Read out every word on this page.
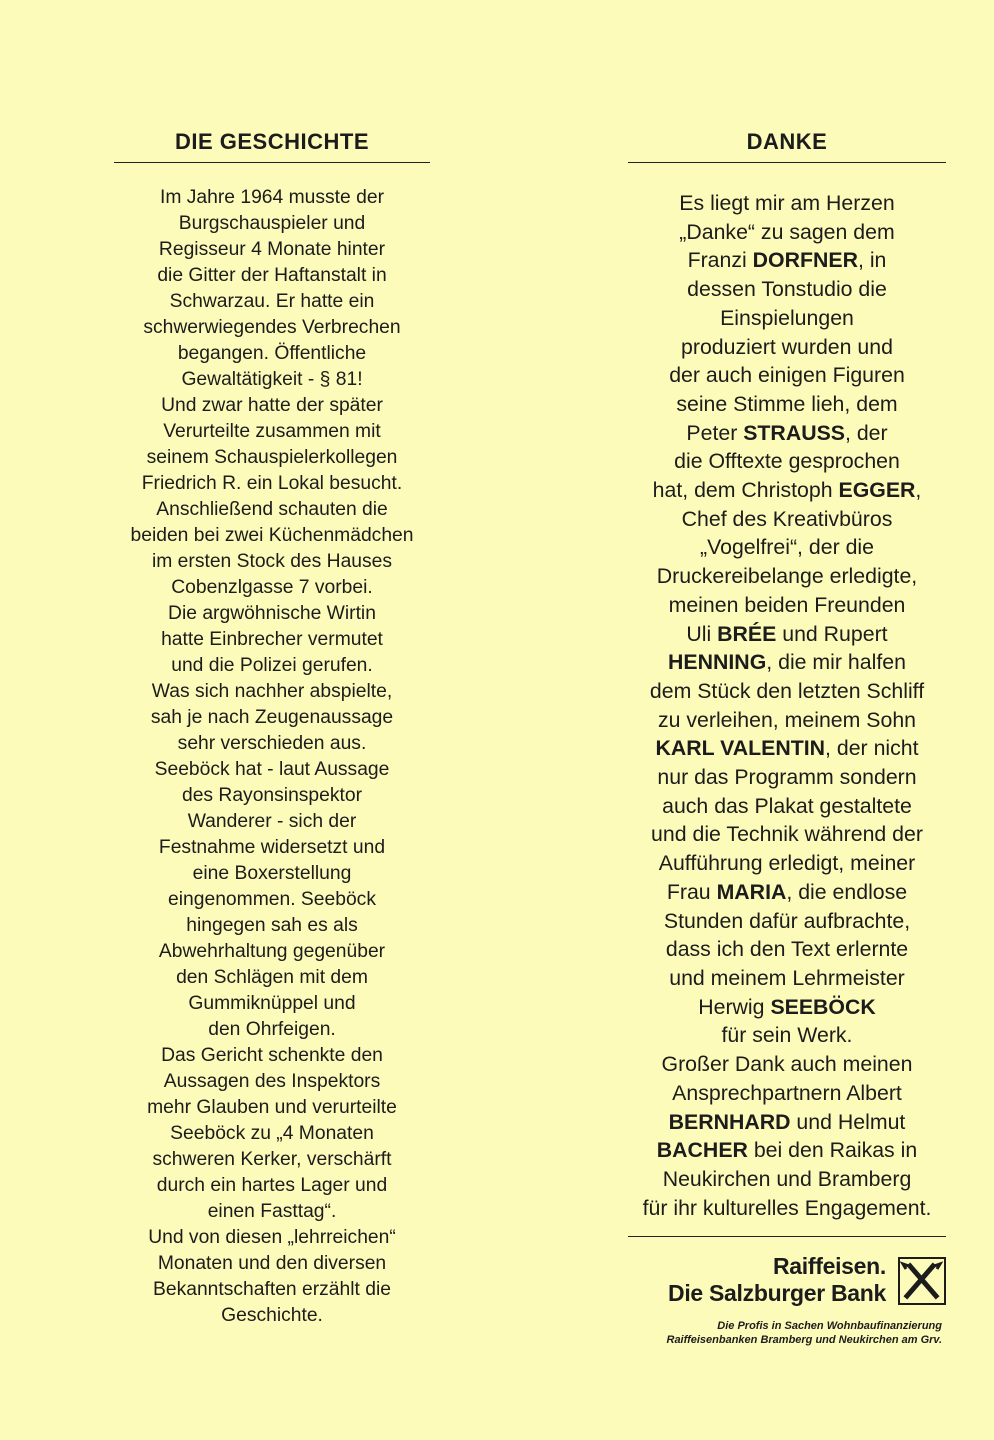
DIE GESCHICHTE
Im Jahre 1964 musste der
Burgschauspieler und
Regisseur 4 Monate hinter
die Gitter der Haftanstalt in
Schwarzau. Er hatte ein
schwerwiegendes Verbrechen
begangen. Öffentliche
Gewaltätigkeit - § 81!
Und zwar hatte der später
Verurteilte zusammen mit
seinem Schauspielerkollegen
Friedrich R. ein Lokal besucht.
Anschließend schauten die
beiden bei zwei Küchenmädchen
im ersten Stock des Hauses
Cobenzlgasse 7 vorbei.
Die argwöhnische Wirtin
hatte Einbrecher vermutet
und die Polizei gerufen.
Was sich nachher abspielte,
sah je nach Zeugenaussage
sehr verschieden aus.
Seeböck hat - laut Aussage
des Rayonsinspektor
Wanderer - sich der
Festnahme widersetzt und
eine Boxerstellung
eingenommen. Seeböck
hingegen sah es als
Abwehrhaltung gegenüber
den Schlägen mit dem
Gummiknüppel und
den Ohrfeigen.
Das Gericht schenkte den
Aussagen des Inspektors
mehr Glauben und verurteilte
Seeböck zu „4 Monaten
schweren Kerker, verschärft
durch ein hartes Lager und
einen Fasttag“.
Und von diesen „lehrreichen“
Monaten und den diversen
Bekanntschaften erzählt die
Geschichte.
DANKE
Es liegt mir am Herzen
„Danke“ zu sagen dem
Franzi DORFNER, in
dessen Tonstudio die
Einspielungen
produziert wurden und
der auch einigen Figuren
seine Stimme lieh, dem
Peter STRAUSS, der
die Offtexte gesprochen
hat, dem Christoph EGGER,
Chef des Kreativbüros
„Vogelfrei“, der die
Druckereibelange erledigte,
meinen beiden Freunden
Uli BRÉE und Rupert
HENNING, die mir halfen
dem Stück den letzten Schliff
zu verleihen, meinem Sohn
KARL VALENTIN, der nicht
nur das Programm sondern
auch das Plakat gestaltete
und die Technik während der
Aufführung erledigt, meiner
Frau MARIA, die endlose
Stunden dafür aufbrachte,
dass ich den Text erlernte
und meinem Lehrmeister
Herwig SEEBÖCK
für sein Werk.
Großer Dank auch meinen
Ansprechpartnern Albert
BERNHARD und Helmut
BACHER bei den Raikas in
Neukirchen und Bramberg
für ihr kulturelles Engagement.
Raiffeisen.
Die Salzburger Bank
Die Profis in Sachen Wohnbaufinanzierung
Raiffeisenbanken Bramberg und Neukirchen am Grv.
